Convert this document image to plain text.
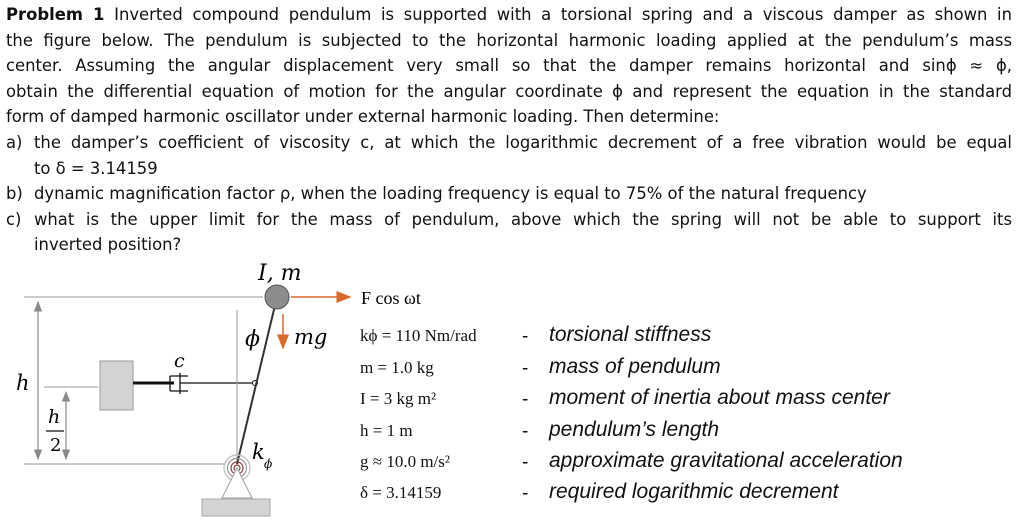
Problem 1 Inverted compound pendulum is supported with a torsional spring and a viscous damper as shown in
the figure below. The pendulum is subjected to the horizontal harmonic loading applied at the pendulum’s mass
center. Assuming the angular displacement very small so that the damper remains horizontal and sinϕ ≈ ϕ,
obtain the differential equation of motion for the angular coordinate ϕ and represent the equation in the standard
form of damped harmonic oscillator under external harmonic loading. Then determine:
a) the damper’s coefficient of viscosity c, at which the logarithmic decrement of a free vibration would be equal
to δ = 3.14159
b) dynamic magnification factor ρ, when the loading frequency is equal to 75% of the natural frequency
c) what is the upper limit for the mass of pendulum, above which the spring will not be able to support its
inverted position?
I, m
F cos ωt
ϕ mg
c
h
h
2	k ϕ
kϕ = 110 Nm/rad - torsional stiffness
m = 1.0 kg	- mass of pendulum
I = 3 kg m²	- moment of inertia about mass center
h = 1 m	- pendulum’s length
g ≈ 10.0 m/s²	- approximate gravitational acceleration
δ = 3.14159	- required logarithmic decrement
